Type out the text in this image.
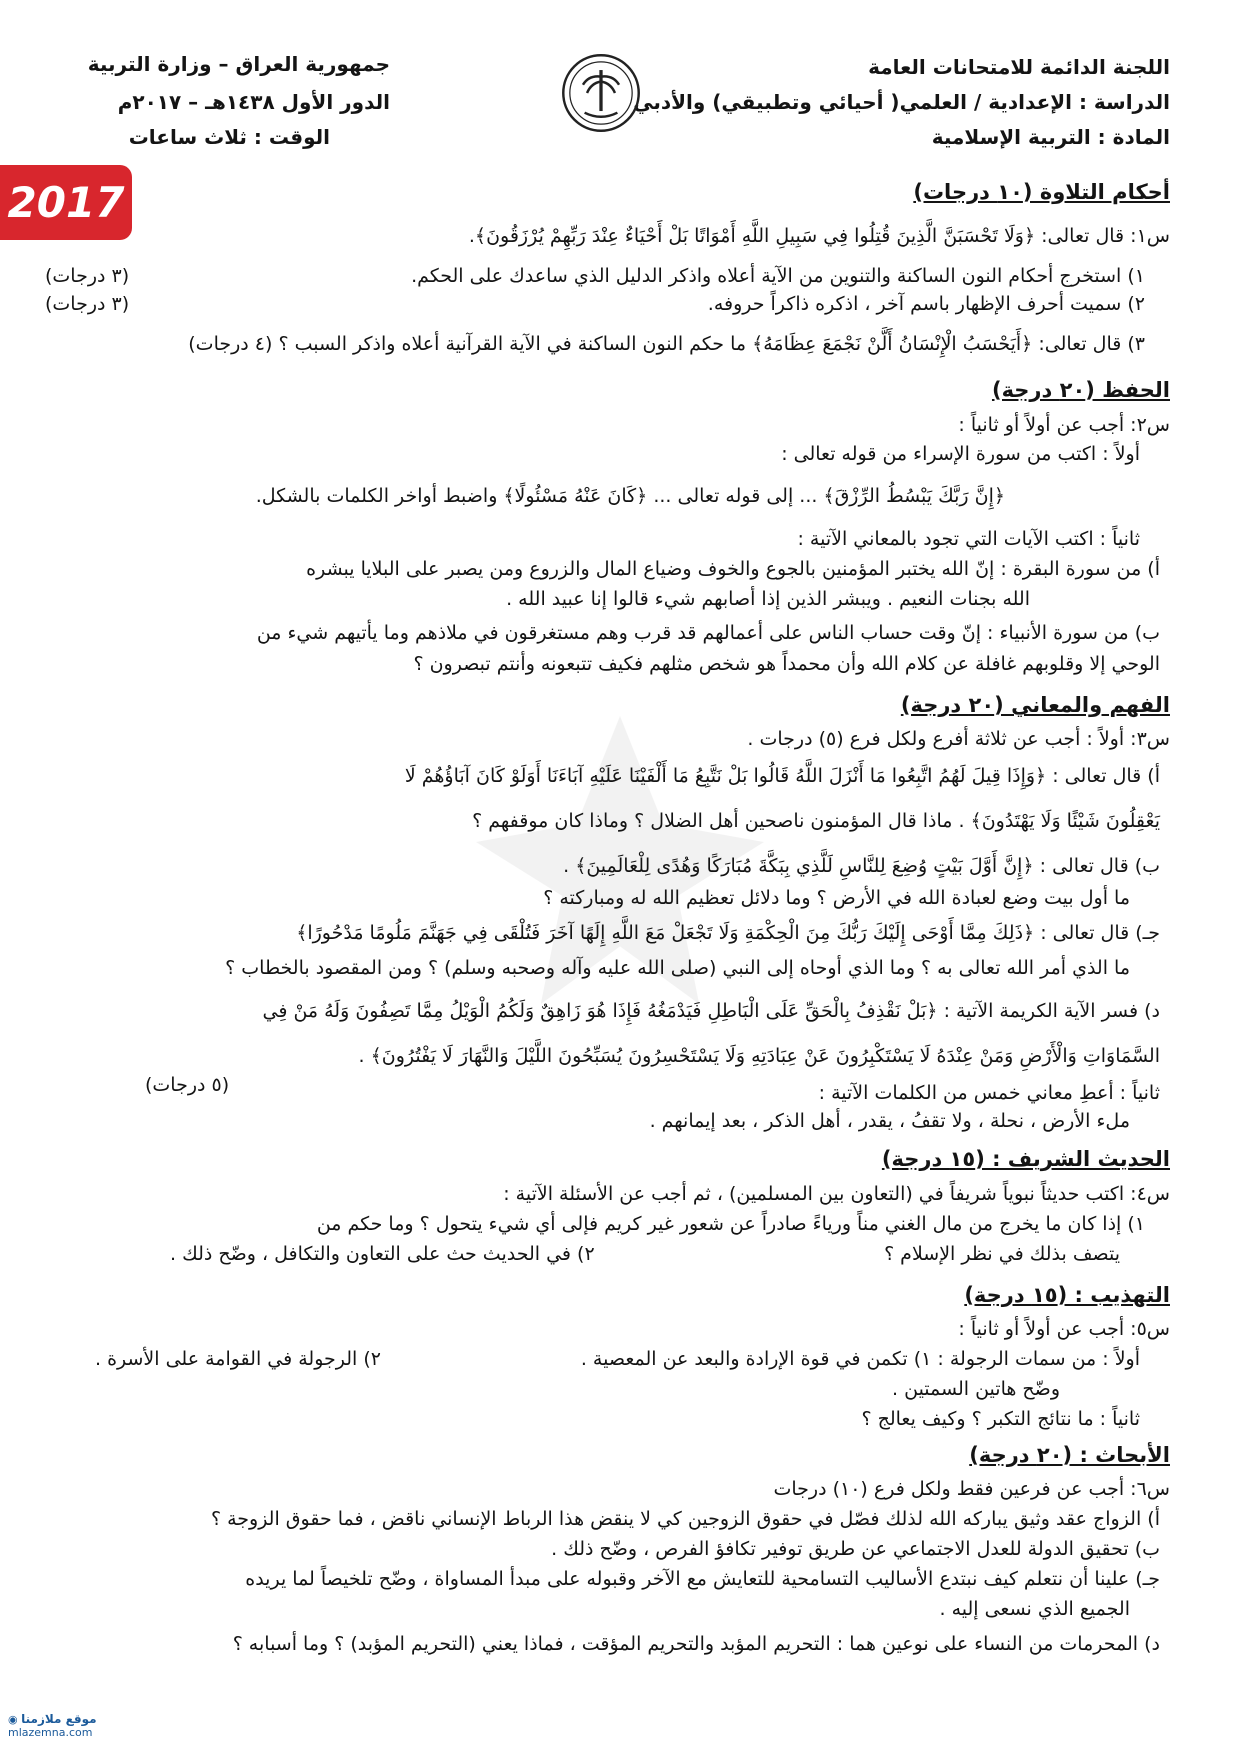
2017
اللجنة الدائمة للامتحانات العامة
الدراسة : الإعدادية / العلمي( أحيائي وتطبيقي) والأدبي
المادة : التربية الإسلامية
جمهورية العراق – وزارة التربية
الدور الأول ١٤٣٨هـ – ٢٠١٧م
الوقت : ثلاث ساعات
أحكام التلاوة (١٠ درجات)
س١: قال تعالى: ﴿وَلَا تَحْسَبَنَّ الَّذِينَ قُتِلُوا فِي سَبِيلِ اللَّهِ أَمْوَاتًا بَلْ أَحْيَاءٌ عِنْدَ رَبِّهِمْ يُرْزَقُونَ﴾.
١) استخرج أحكام النون الساكنة والتنوين من الآية أعلاه واذكر الدليل الذي ساعدك على الحكم.
٢) سميت أحرف الإظهار باسم آخر ، اذكره ذاكراً حروفه.
٣) قال تعالى: ﴿أَيَحْسَبُ الْإِنْسَانُ أَلَّنْ نَجْمَعَ عِظَامَهُ﴾ ما حكم النون الساكنة في الآية القرآنية أعلاه واذكر السبب ؟ (٤ درجات)
الحفظ (٢٠ درجة)
س٢: أجب عن أولاً أو ثانياً :
أولاً : اكتب من سورة الإسراء من قوله تعالى :
﴿إِنَّ رَبَّكَ يَبْسُطُ الرِّزْقَ﴾ ... إلى قوله تعالى ... ﴿كَانَ عَنْهُ مَسْئُولًا﴾ واضبط أواخر الكلمات بالشكل.
ثانياً : اكتب الآيات التي تجود بالمعاني الآتية :
أ) من سورة البقرة : إنّ الله يختبر المؤمنين بالجوع والخوف وضياع المال والزروع ومن يصبر على البلايا يبشره
الله بجنات النعيم . ويبشر الذين إذا أصابهم شيء قالوا إنا عبيد الله .
ب) من سورة الأنبياء : إنّ وقت حساب الناس على أعمالهم قد قرب وهم مستغرقون في ملاذهم وما يأتيهم شيء من
الوحي إلا وقلوبهم غافلة عن كلام الله وأن محمداً هو شخص مثلهم فكيف تتبعونه وأنتم تبصرون ؟
الفهم والمعاني (٢٠ درجة)
س٣: أولاً : أجب عن ثلاثة أفرع ولكل فرع (٥) درجات .
أ) قال تعالى : ﴿وَإِذَا قِيلَ لَهُمُ اتَّبِعُوا مَا أَنْزَلَ اللَّهُ قَالُوا بَلْ نَتَّبِعُ مَا أَلْفَيْنَا عَلَيْهِ آبَاءَنَا أَوَلَوْ كَانَ آبَاؤُهُمْ لَا
يَعْقِلُونَ شَيْئًا وَلَا يَهْتَدُونَ﴾ . ماذا قال المؤمنون ناصحين أهل الضلال ؟ وماذا كان موقفهم ؟
ب) قال تعالى : ﴿إِنَّ أَوَّلَ بَيْتٍ وُضِعَ لِلنَّاسِ لَلَّذِي بِبَكَّةَ مُبَارَكًا وَهُدًى لِلْعَالَمِينَ﴾ .
ما أول بيت وضع لعبادة الله في الأرض ؟ وما دلائل تعظيم الله له ومباركته ؟
جـ) قال تعالى : ﴿ذَلِكَ مِمَّا أَوْحَى إِلَيْكَ رَبُّكَ مِنَ الْحِكْمَةِ وَلَا تَجْعَلْ مَعَ اللَّهِ إِلَهًا آخَرَ فَتُلْقَى فِي جَهَنَّمَ مَلُومًا مَدْحُورًا﴾
ما الذي أمر الله تعالى به ؟ وما الذي أوحاه إلى النبي (صلى الله عليه وآله وصحبه وسلم) ؟ ومن المقصود بالخطاب ؟
د) فسر الآية الكريمة الآتية : ﴿بَلْ نَقْذِفُ بِالْحَقِّ عَلَى الْبَاطِلِ فَيَدْمَغُهُ فَإِذَا هُوَ زَاهِقٌ وَلَكُمُ الْوَيْلُ مِمَّا تَصِفُونَ وَلَهُ مَنْ فِي
السَّمَاوَاتِ وَالْأَرْضِ وَمَنْ عِنْدَهُ لَا يَسْتَكْبِرُونَ عَنْ عِبَادَتِهِ وَلَا يَسْتَحْسِرُونَ يُسَبِّحُونَ اللَّيْلَ وَالنَّهَارَ لَا يَفْتُرُونَ﴾ .
ثانياً : أعطِ معاني خمس من الكلمات الآتية :
ملء الأرض ، نحلة ، ولا تقفُ ، يقدر ، أهل الذكر ، بعد إيمانهم .
الحديث الشريف : (١٥ درجة)
س٤: اكتب حديثاً نبوياً شريفاً في (التعاون بين المسلمين) ، ثم أجب عن الأسئلة الآتية :
١) إذا كان ما يخرج من مال الغني مناً ورياءً صادراً عن شعور غير كريم فإلى أي شيء يتحول ؟ وما حكم من
يتصف بذلك في نظر الإسلام ؟
التهذيب : (١٥ درجة)
س٥: أجب عن أولاً أو ثانياً :
أولاً : من سمات الرجولة : ١) تكمن في قوة الإرادة والبعد عن المعصية .
وضّح هاتين السمتين .
ثانياً : ما نتائج التكبر ؟ وكيف يعالج ؟
الأبحاث : (٢٠ درجة)
س٦: أجب عن فرعين فقط ولكل فرع (١٠) درجات
أ) الزواج عقد وثيق يباركه الله لذلك فصّل في حقوق الزوجين كي لا ينقض هذا الرباط الإنساني ناقض ، فما حقوق الزوجة ؟
ب) تحقيق الدولة للعدل الاجتماعي عن طريق توفير تكافؤ الفرص ، وضّح ذلك .
جـ) علينا أن نتعلم كيف نبتدع الأساليب التسامحية للتعايش مع الآخر وقبوله على مبدأ المساواة ، وضّح تلخيصاً لما يريده
الجميع الذي نسعى إليه .
د) المحرمات من النساء على نوعين هما : التحريم المؤبد والتحريم المؤقت ، فماذا يعني (التحريم المؤبد) ؟ وما أسبابه ؟
(٣ درجات)
(٣ درجات)
(٥ درجات)
٢) في الحديث حث على التعاون والتكافل ، وضّح ذلك .
٢) الرجولة في القوامة على الأسرة .
◉ موقع ملازمنا
mlazemna.com
